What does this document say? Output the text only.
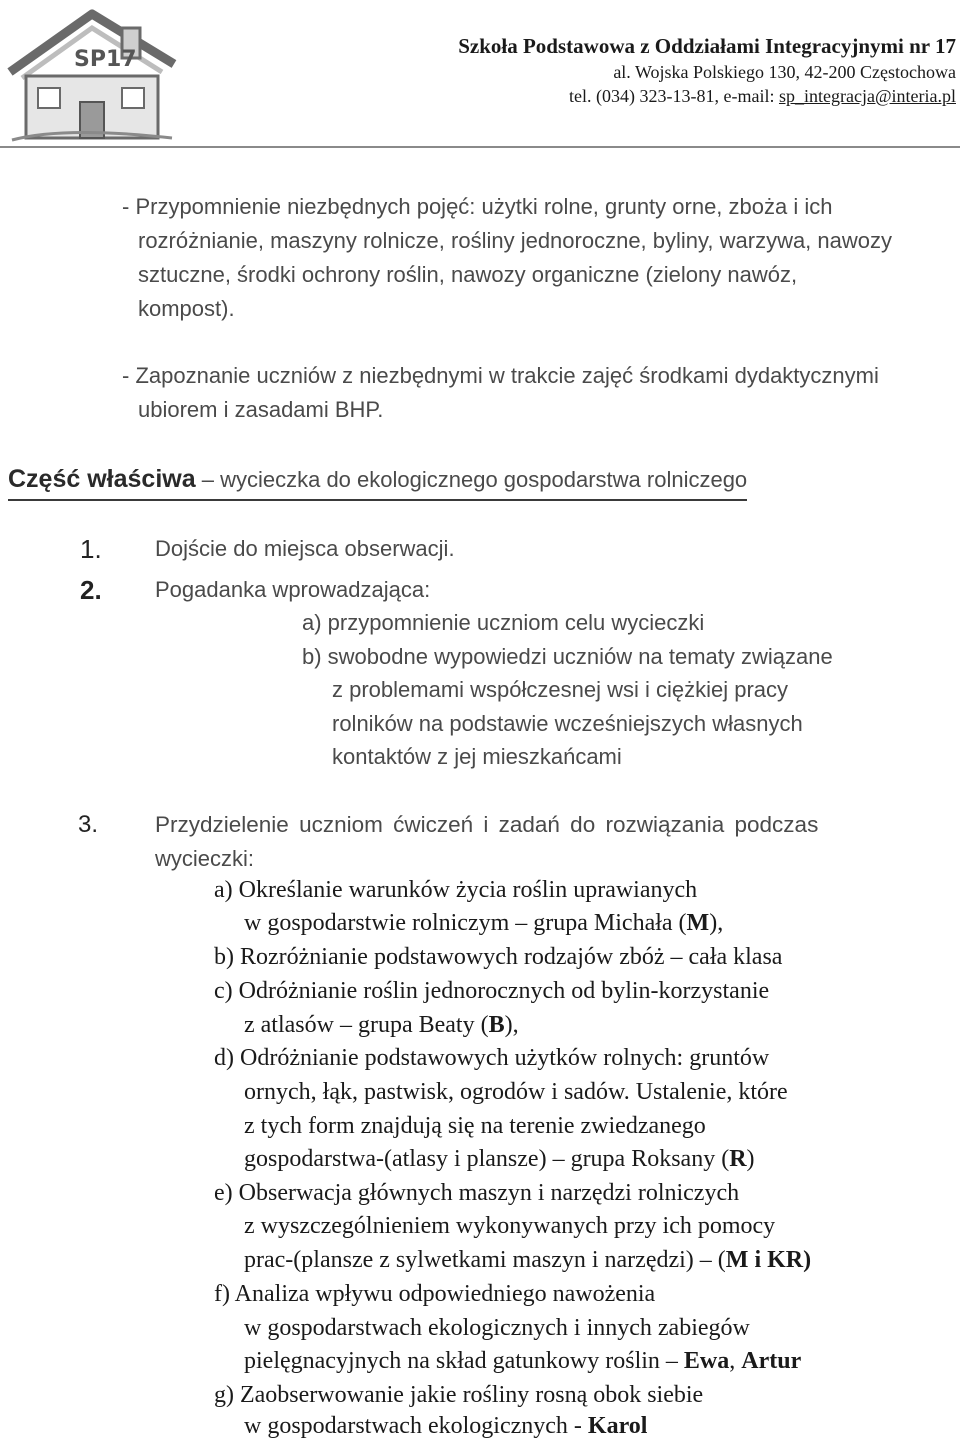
SP17
Szkoła Podstawowa z Oddziałami Integracyjnymi nr 17
al. Wojska Polskiego 130, 42-200 Częstochowa
tel. (034) 323-13-81, e-mail: sp_integracja@interia.pl
- Przypomnienie niezbędnych pojęć: użytki rolne, grunty orne, zboża i ich rozróżnianie, maszyny rolnicze, rośliny jednoroczne, byliny, warzywa, nawozy sztuczne, środki ochrony roślin, nawozy organiczne (zielony nawóz, kompost).
- Zapoznanie uczniów z niezbędnymi w trakcie zajęć środkami dydaktycznymi ubiorem i zasadami BHP.
Część właściwa – wycieczka do ekologicznego gospodarstwa rolniczego
1. Dojście do miejsca obserwacji.
2. Pogadanka wprowadzająca:
a) przypomnienie uczniom celu wycieczki
b) swobodne wypowiedzi uczniów na tematy związane
z problemami współczesnej wsi i ciężkiej pracy
rolników na podstawie wcześniejszych własnych
kontaktów z jej mieszkańcami
3.	Przydzielenie uczniom ćwiczeń i zadań do rozwiązania podczas
wycieczki:
a) Określanie warunków życia roślin uprawianych
w gospodarstwie rolniczym – grupa Michała (M),
b) Rozróżnianie podstawowych rodzajów zbóż – cała klasa
c) Odróżnianie roślin jednorocznych od bylin-korzystanie
z atlasów – grupa Beaty (B),
d) Odróżnianie podstawowych użytków rolnych: gruntów
ornych, łąk, pastwisk, ogrodów i sadów. Ustalenie, które
z tych form znajdują się na terenie zwiedzanego
gospodarstwa-(atlasy i plansze) – grupa Roksany (R)
e) Obserwacja głównych maszyn i narzędzi rolniczych
z wyszczególnieniem wykonywanych przy ich pomocy
prac-(plansze z sylwetkami maszyn i narzędzi) – (M i KR)
f) Analiza wpływu odpowiedniego nawożenia
w gospodarstwach ekologicznych i innych zabiegów
pielęgnacyjnych na skład gatunkowy roślin – Ewa, Artur
g) Zaobserwowanie jakie rośliny rosną obok siebie
w gospodarstwach ekologicznych - Karol
